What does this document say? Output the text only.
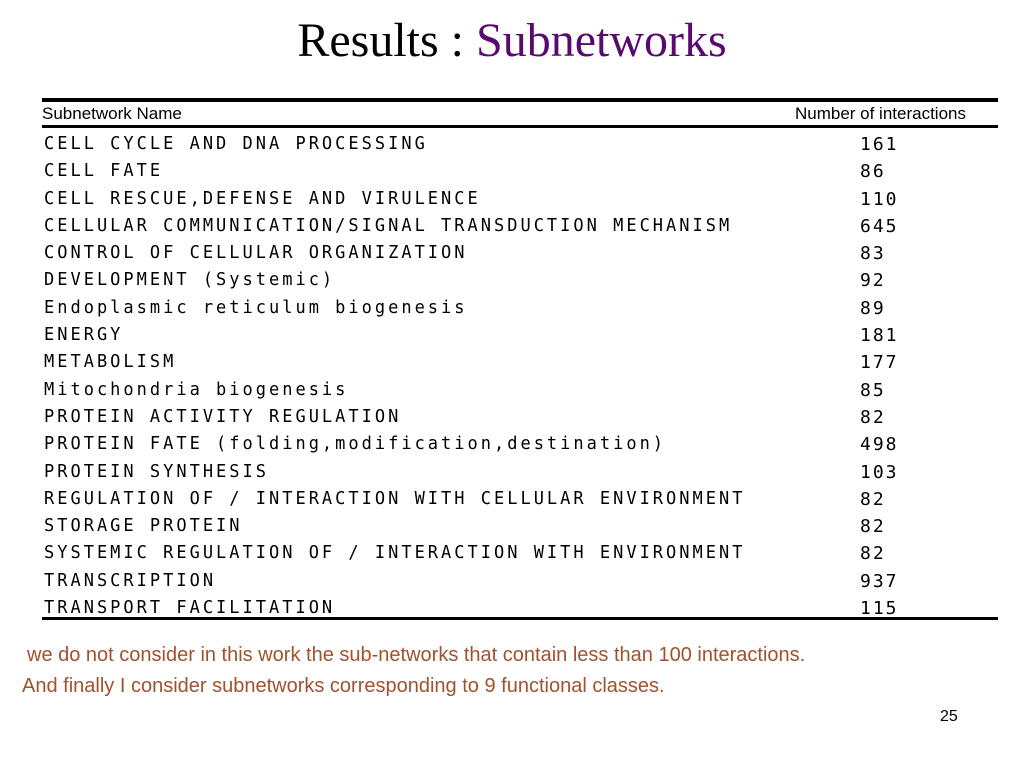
Results : Subnetworks
Subnetwork Name	Number of interactions
CELL CYCLE AND DNA PROCESSING	161
CELL FATE	86
CELL RESCUE,DEFENSE AND VIRULENCE	110
CELLULAR COMMUNICATION/SIGNAL TRANSDUCTION MECHANISM	645
CONTROL OF CELLULAR ORGANIZATION	83
DEVELOPMENT (Systemic)	92
Endoplasmic reticulum biogenesis	89
ENERGY	181
METABOLISM	177
Mitochondria biogenesis	85
PROTEIN ACTIVITY REGULATION	82
PROTEIN FATE (folding,modification,destination)	498
PROTEIN SYNTHESIS	103
REGULATION OF / INTERACTION WITH CELLULAR ENVIRONMENT	82
STORAGE PROTEIN	82
SYSTEMIC REGULATION OF / INTERACTION WITH ENVIRONMENT	82
TRANSCRIPTION	937
TRANSPORT FACILITATION	115
we do not consider in this work the sub-networks that contain less than 100 interactions.
And finally I consider subnetworks corresponding to 9 functional classes.
25
